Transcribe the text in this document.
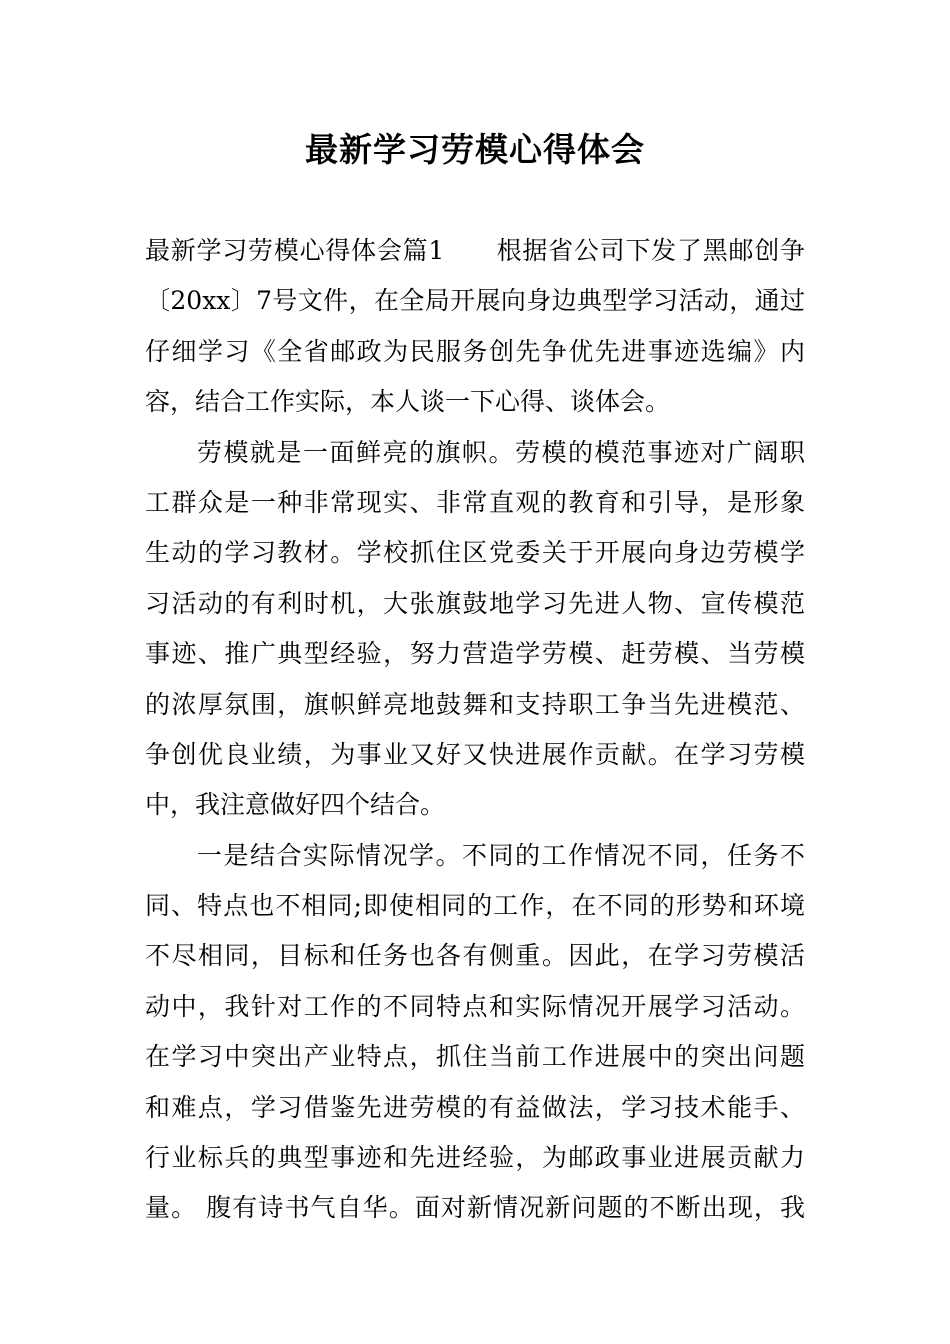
最新学习劳模心得体会
最新学习劳模心得体会篇1　　根据省公司下发了黑邮创争
〔20xx〕7号文件，在全局开展向身边典型学习活动，通过
仔细学习《全省邮政为民服务创先争优先进事迹选编》内
容，结合工作实际，本人谈一下心得、谈体会。
劳模就是一面鲜亮的旗帜。劳模的模范事迹对广阔职
工群众是一种非常现实、非常直观的教育和引导，是形象
生动的学习教材。学校抓住区党委关于开展向身边劳模学
习活动的有利时机，大张旗鼓地学习先进人物、宣传模范
事迹、推广典型经验，努力营造学劳模、赶劳模、当劳模
的浓厚氛围，旗帜鲜亮地鼓舞和支持职工争当先进模范、
争创优良业绩，为事业又好又快进展作贡献。在学习劳模
中，我注意做好四个结合。
一是结合实际情况学。不同的工作情况不同，任务不
同、特点也不相同;即使相同的工作，在不同的形势和环境
不尽相同，目标和任务也各有侧重。因此，在学习劳模活
动中，我针对工作的不同特点和实际情况开展学习活动。
在学习中突出产业特点，抓住当前工作进展中的突出问题
和难点，学习借鉴先进劳模的有益做法，学习技术能手、
行业标兵的典型事迹和先进经验，为邮政事业进展贡献力
量。 腹有诗书气自华。面对新情况新问题的不断出现，我
